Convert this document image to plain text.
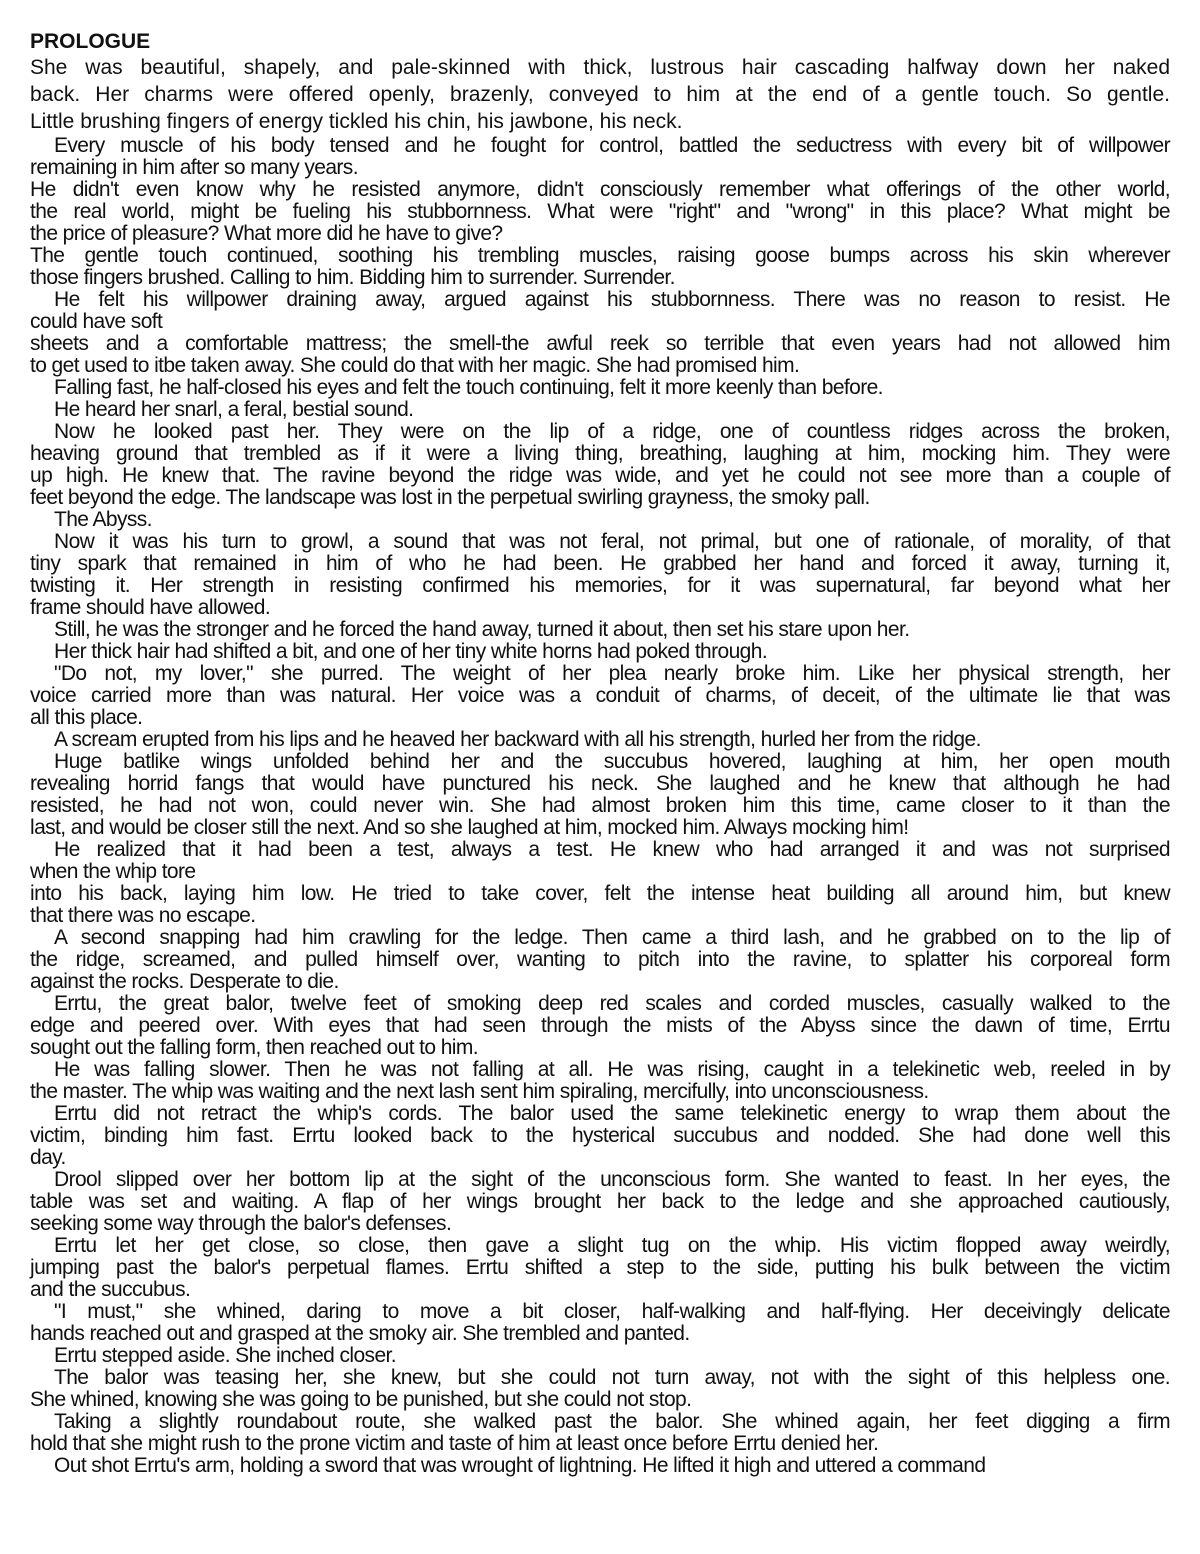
PROLOGUE
She was beautiful, shapely, and pale-skinned with thick, lustrous hair cascading halfway down her naked
back. Her charms were offered openly, brazenly, conveyed to him at the end of a gentle touch. So gentle.
Little brushing fingers of energy tickled his chin, his jawbone, his neck.
Every muscle of his body tensed and he fought for control, battled the seductress with every bit of willpower
remaining in him after so many years.
He didn't even know why he resisted anymore, didn't consciously remember what offerings of the other world,
the real world, might be fueling his stubbornness. What were "right" and "wrong" in this place? What might be
the price of pleasure? What more did he have to give?
The gentle touch continued, soothing his trembling muscles, raising goose bumps across his skin wherever
those fingers brushed. Calling to him. Bidding him to surrender. Surrender.
He felt his willpower draining away, argued against his stubbornness. There was no reason to resist. He
could have soft
sheets and a comfortable mattress; the smell-the awful reek so terrible that even years had not allowed him
to get used to itbe taken away. She could do that with her magic. She had promised him.
Falling fast, he half-closed his eyes and felt the touch continuing, felt it more keenly than before.
He heard her snarl, a feral, bestial sound.
Now he looked past her. They were on the lip of a ridge, one of countless ridges across the broken,
heaving ground that trembled as if it were a living thing, breathing, laughing at him, mocking him. They were
up high. He knew that. The ravine beyond the ridge was wide, and yet he could not see more than a couple of
feet beyond the edge. The landscape was lost in the perpetual swirling grayness, the smoky pall.
The Abyss.
Now it was his turn to growl, a sound that was not feral, not primal, but one of rationale, of morality, of that
tiny spark that remained in him of who he had been. He grabbed her hand and forced it away, turning it,
twisting it. Her strength in resisting confirmed his memories, for it was supernatural, far beyond what her
frame should have allowed.
Still, he was the stronger and he forced the hand away, turned it about, then set his stare upon her.
Her thick hair had shifted a bit, and one of her tiny white horns had poked through.
"Do not, my lover," she purred. The weight of her plea nearly broke him. Like her physical strength, her
voice carried more than was natural. Her voice was a conduit of charms, of deceit, of the ultimate lie that was
all this place.
A scream erupted from his lips and he heaved her backward with all his strength, hurled her from the ridge.
Huge batlike wings unfolded behind her and the succubus hovered, laughing at him, her open mouth
revealing horrid fangs that would have punctured his neck. She laughed and he knew that although he had
resisted, he had not won, could never win. She had almost broken him this time, came closer to it than the
last, and would be closer still the next. And so she laughed at him, mocked him. Always mocking him!
He realized that it had been a test, always a test. He knew who had arranged it and was not surprised
when the whip tore
into his back, laying him low. He tried to take cover, felt the intense heat building all around him, but knew
that there was no escape.
A second snapping had him crawling for the ledge. Then came a third lash, and he grabbed on to the lip of
the ridge, screamed, and pulled himself over, wanting to pitch into the ravine, to splatter his corporeal form
against the rocks. Desperate to die.
Errtu, the great balor, twelve feet of smoking deep red scales and corded muscles, casually walked to the
edge and peered over. With eyes that had seen through the mists of the Abyss since the dawn of time, Errtu
sought out the falling form, then reached out to him.
He was falling slower. Then he was not falling at all. He was rising, caught in a telekinetic web, reeled in by
the master. The whip was waiting and the next lash sent him spiraling, mercifully, into unconsciousness.
Errtu did not retract the whip's cords. The balor used the same telekinetic energy to wrap them about the
victim, binding him fast. Errtu looked back to the hysterical succubus and nodded. She had done well this
day.
Drool slipped over her bottom lip at the sight of the unconscious form. She wanted to feast. In her eyes, the
table was set and waiting. A flap of her wings brought her back to the ledge and she approached cautiously,
seeking some way through the balor's defenses.
Errtu let her get close, so close, then gave a slight tug on the whip. His victim flopped away weirdly,
jumping past the balor's perpetual flames. Errtu shifted a step to the side, putting his bulk between the victim
and the succubus.
"I must," she whined, daring to move a bit closer, half-walking and half-flying. Her deceivingly delicate
hands reached out and grasped at the smoky air. She trembled and panted.
Errtu stepped aside. She inched closer.
The balor was teasing her, she knew, but she could not turn away, not with the sight of this helpless one.
She whined, knowing she was going to be punished, but she could not stop.
Taking a slightly roundabout route, she walked past the balor. She whined again, her feet digging a firm
hold that she might rush to the prone victim and taste of him at least once before Errtu denied her.
Out shot Errtu's arm, holding a sword that was wrought of lightning. He lifted it high and uttered a command
